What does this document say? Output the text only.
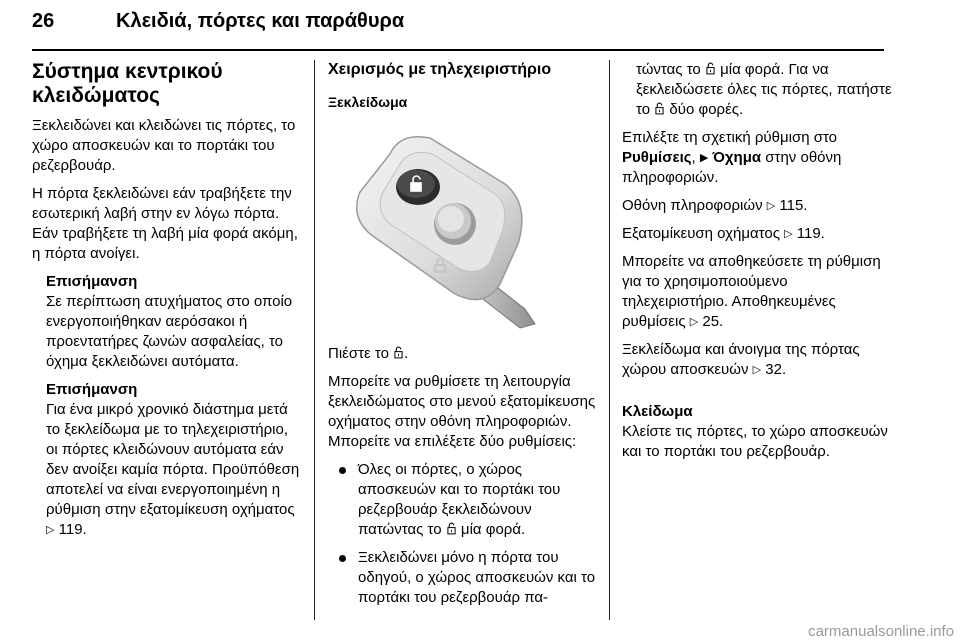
26	Κλειδιά, πόρτες και παράθυρα
Σύστημα κεντρικού
κλειδώματος

Ξεκλειδώνει και κλειδώνει τις πόρτες, το χώρο αποσκευών και το πορτάκι του ρεζερβουάρ.

Η πόρτα ξεκλειδώνει εάν τραβήξετε την εσωτερική λαβή στην εν λόγω πόρτα. Εάν τραβήξετε τη λαβή μία φορά ακόμη, η πόρτα ανοίγει.

Επισήμανση
Σε περίπτωση ατυχήματος στο οποίο ενεργοποιήθηκαν αερόσακοι ή προεντατήρες ζωνών ασφαλείας, το όχημα ξεκλειδώνει αυτόματα.
Επισήμανση
Για ένα μικρό χρονικό διάστημα μετά το ξεκλείδωμα με το τηλεχειριστήριο, οι πόρτες κλειδώνουν αυτόματα εάν δεν ανοίξει καμία πόρτα. Προϋπόθεση αποτελεί να είναι ενεργοποιημένη η ρύθμιση στην εξατομίκευση οχήματος ▷ 119.
Χειρισμός με τηλεχειριστήριο
Ξεκλείδωμα

Πιέστε το .

Μπορείτε να ρυθμίσετε τη λειτουργία ξεκλειδώματος στο μενού εξατομίκευσης οχήματος στην οθόνη πληροφοριών. Μπορείτε να επιλέξετε δύο ρυθμίσεις:

Όλες οι πόρτες, ο χώρος αποσκευών και το πορτάκι του ρεζερβουάρ ξεκλειδώνουν πατώντας το μία φορά.
Ξεκλειδώνει μόνο η πόρτα του οδηγού, ο χώρος αποσκευών και το πορτάκι του ρεζερβουάρ πα-

τώντας το μία φορά. Για να ξεκλειδώσετε όλες τις πόρτες, πατήστε το δύο φορές.

Επιλέξτε τη σχετική ρύθμιση στο Ρυθμίσεις, ▶ Όχημα στην οθόνη πληροφοριών.

Οθόνη πληροφοριών ▷ 115.

Εξατομίκευση οχήματος ▷ 119.

Μπορείτε να αποθηκεύσετε τη ρύθμιση για το χρησιμοποιούμενο τηλεχειριστήριο. Αποθηκευμένες ρυθμίσεις ▷ 25.

Ξεκλείδωμα και άνοιγμα της πόρτας χώρου αποσκευών ▷ 32.

Κλείδωμα

Κλείστε τις πόρτες, το χώρο αποσκευών και το πορτάκι του ρεζερβουάρ.

carmanualsonline.info
